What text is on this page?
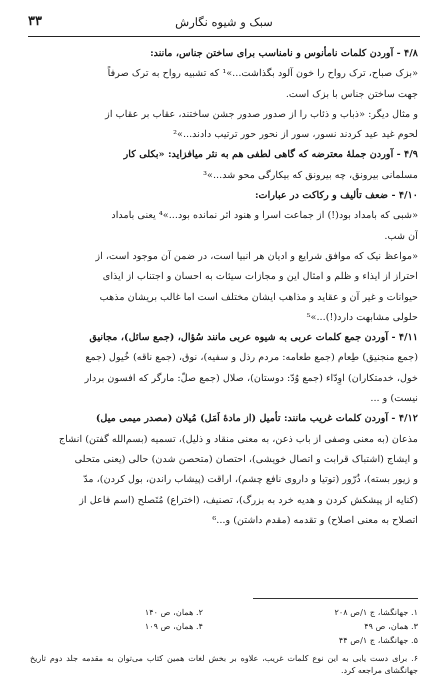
۳۳	سبک و شیوه نگارش

۴/۸ - آوردن کلمات نامأنوس و نامناسب برای ساختن جناس، مانند:

«بزک صباح، ترک رواح را خون آلود بگذاشت...»¹ که تشبیه رواح به ترک صرفاً

جهت ساختن جناس با بزک است.

و مثال دیگر: «ذباب و ذئاب را از صدور صدور جشن ساختند، عقاب بر عقاب از

لحوم غید عید کردند نسور، سور از نحور حور ترتیب دادند...»²

۴/۹ - آوردن جملهٔ معترضه که گاهی لطفی هم به نثر میافزاید: «بکلی کار

مسلمانی بیرونق، چه بیرونق که بیکارگی محو شد...»³

۴/۱۰ - ضعف تألیف و رکاکت در عبارات:

«شبی که بامداد بود(!) از جماعت اسرا و هنود اثر نمانده بود...»⁴ یعنی بامداد

آن شب.

«مواعظ نیک که موافق شرایع و ادیان هر انبیا است، در ضمن آن موجود است، از

احتراز از ایذاء و ظلم و امثال این و مجازات سیئات به احسان و اجتناب از ایذای

حیوانات و غیر آن و عقاید و مذاهب ایشان مختلف است اما غالب بریشان مذهب

حلولی مشابهت دارد(!)...»⁵

۴/۱۱ - آوردن جمع کلمات عربی به شیوه عربی مانند سُؤال، (جمع سائل)، مجانیق

(جمع منجنیق) طِعام (جمع طعامه: مردم رذل و سفیه)، نوق، (جمع ناقه) خُیول (جمع

خول، خدمتکاران) اوِدّاء (جمع وُدّ: دوستان)، صلال (جمع صلّ: مارگر که افسون بردار

نیست) و ...

۴/۱۲ - آوردن کلمات غریب مانند: تأمیل (از مادهٔ اَمَل) مُیلان (مصدر میمی میل)

مذعان (به معنی وصفی از باب ذعن، به معنی منقاد و ذلیل)، تسمیه (بسم‌الله گفتن) انشاج

و ایشاج (اشتباک قرابت و اتصال خویشی)، احتصان (متحصن شدن) حالی (یعنی متحلی

و زیور بسته)، ذُرّور (توتیا و داروی نافع چشم)، اراقت (پیشاب راندن، بول کردن)، مدّ

(کنایه از پیشکش کردن و هدیه خرد به بزرگ)، تصنیف، (اختراع) مُتَصلح (اسم فاعل از

اتصلاح به معنی اصلاح) و تقدمه (مقدم داشتن) و...⁶

۱. جهانگشا، ج ۱/ص ۲۰۸
۲. همان، ص ۱۴۰
۳. همان، ص ۴۹
۴. همان، ص ۱۰۹
۵. جهانگشا، ج ۱/ص ۴۴
۶. برای دست یابی به این نوع کلمات غریب، علاوه بر بخش لغات همین کتاب می‌توان به مقدمه جلد دوم تاریخ جهانگشای مراجعه کرد.
